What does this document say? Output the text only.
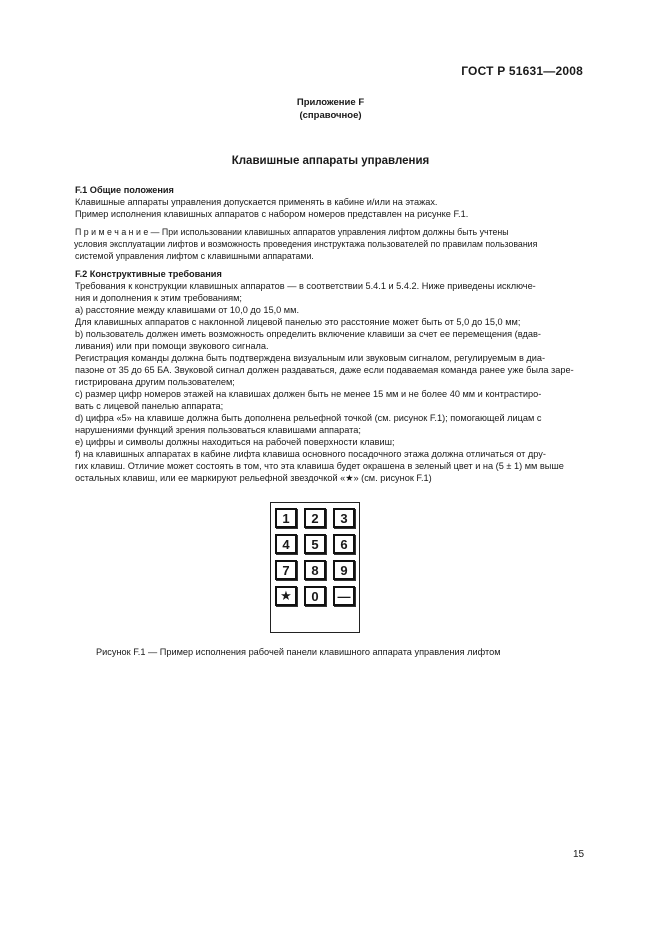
ГОСТ Р 51631—2008
Приложение F
(справочное)
Клавишные аппараты управления
F.1 Общие положения
Клавишные аппараты управления допускается применять в кабине и/или на этажах.
Пример исполнения клавишных аппаратов с набором номеров представлен на рисунке F.1.
П р и м е ч а н и е — При использовании клавишных аппаратов управления лифтом должны быть учтены
условия эксплуатации лифтов и возможность проведения инструктажа пользователей по правилам пользования
системой управления лифтом с клавишными аппаратами.
F.2 Конструктивные требования
Требования к конструкции клавишных аппаратов — в соответствии 5.4.1 и 5.4.2. Ниже приведены исключе-
ния и дополнения к этим требованиям;
а) расстояние между клавишами от 10,0 до 15,0 мм.
Для клавишных аппаратов с наклонной лицевой панелью это расстояние может быть от 5,0 до 15,0 мм;
b) пользователь должен иметь возможность определить включение клавиши за счет ее перемещения (вдав-
ливания) или при помощи звукового сигнала.
Регистрация команды должна быть подтверждена визуальным или звуковым сигналом, регулируемым в диа-
пазоне от 35 до 65 БА. Звуковой сигнал должен раздаваться, даже если подаваемая команда ранее уже была заре-
гистрирована другим пользователем;
с) размер цифр номеров этажей на клавишах должен быть не менее 15 мм и не более 40 мм и контрастиро-
вать с лицевой панелью аппарата;
d) цифра «5» на клавише должна быть дополнена рельефной точкой (см. рисунок F.1); помогающей лицам с
нарушениями функций зрения пользоваться клавишами аппарата;
е) цифры и символы должны находиться на рабочей поверхности клавиш;
f) на клавишных аппаратах в кабине лифта клавиша основного посадочного этажа должна отличаться от дру-
гих клавиш. Отличие может состоять в том, что эта клавиша будет окрашена в зеленый цвет и на (5 ± 1) мм выше
остальных клавиш, или ее маркируют рельефной звездочкой «★» (см. рисунок F.1)
1	2	3
4	5	6
7	8	9
★	0	—
Рисунок F.1 — Пример исполнения рабочей панели клавишного аппарата управления лифтом
15
